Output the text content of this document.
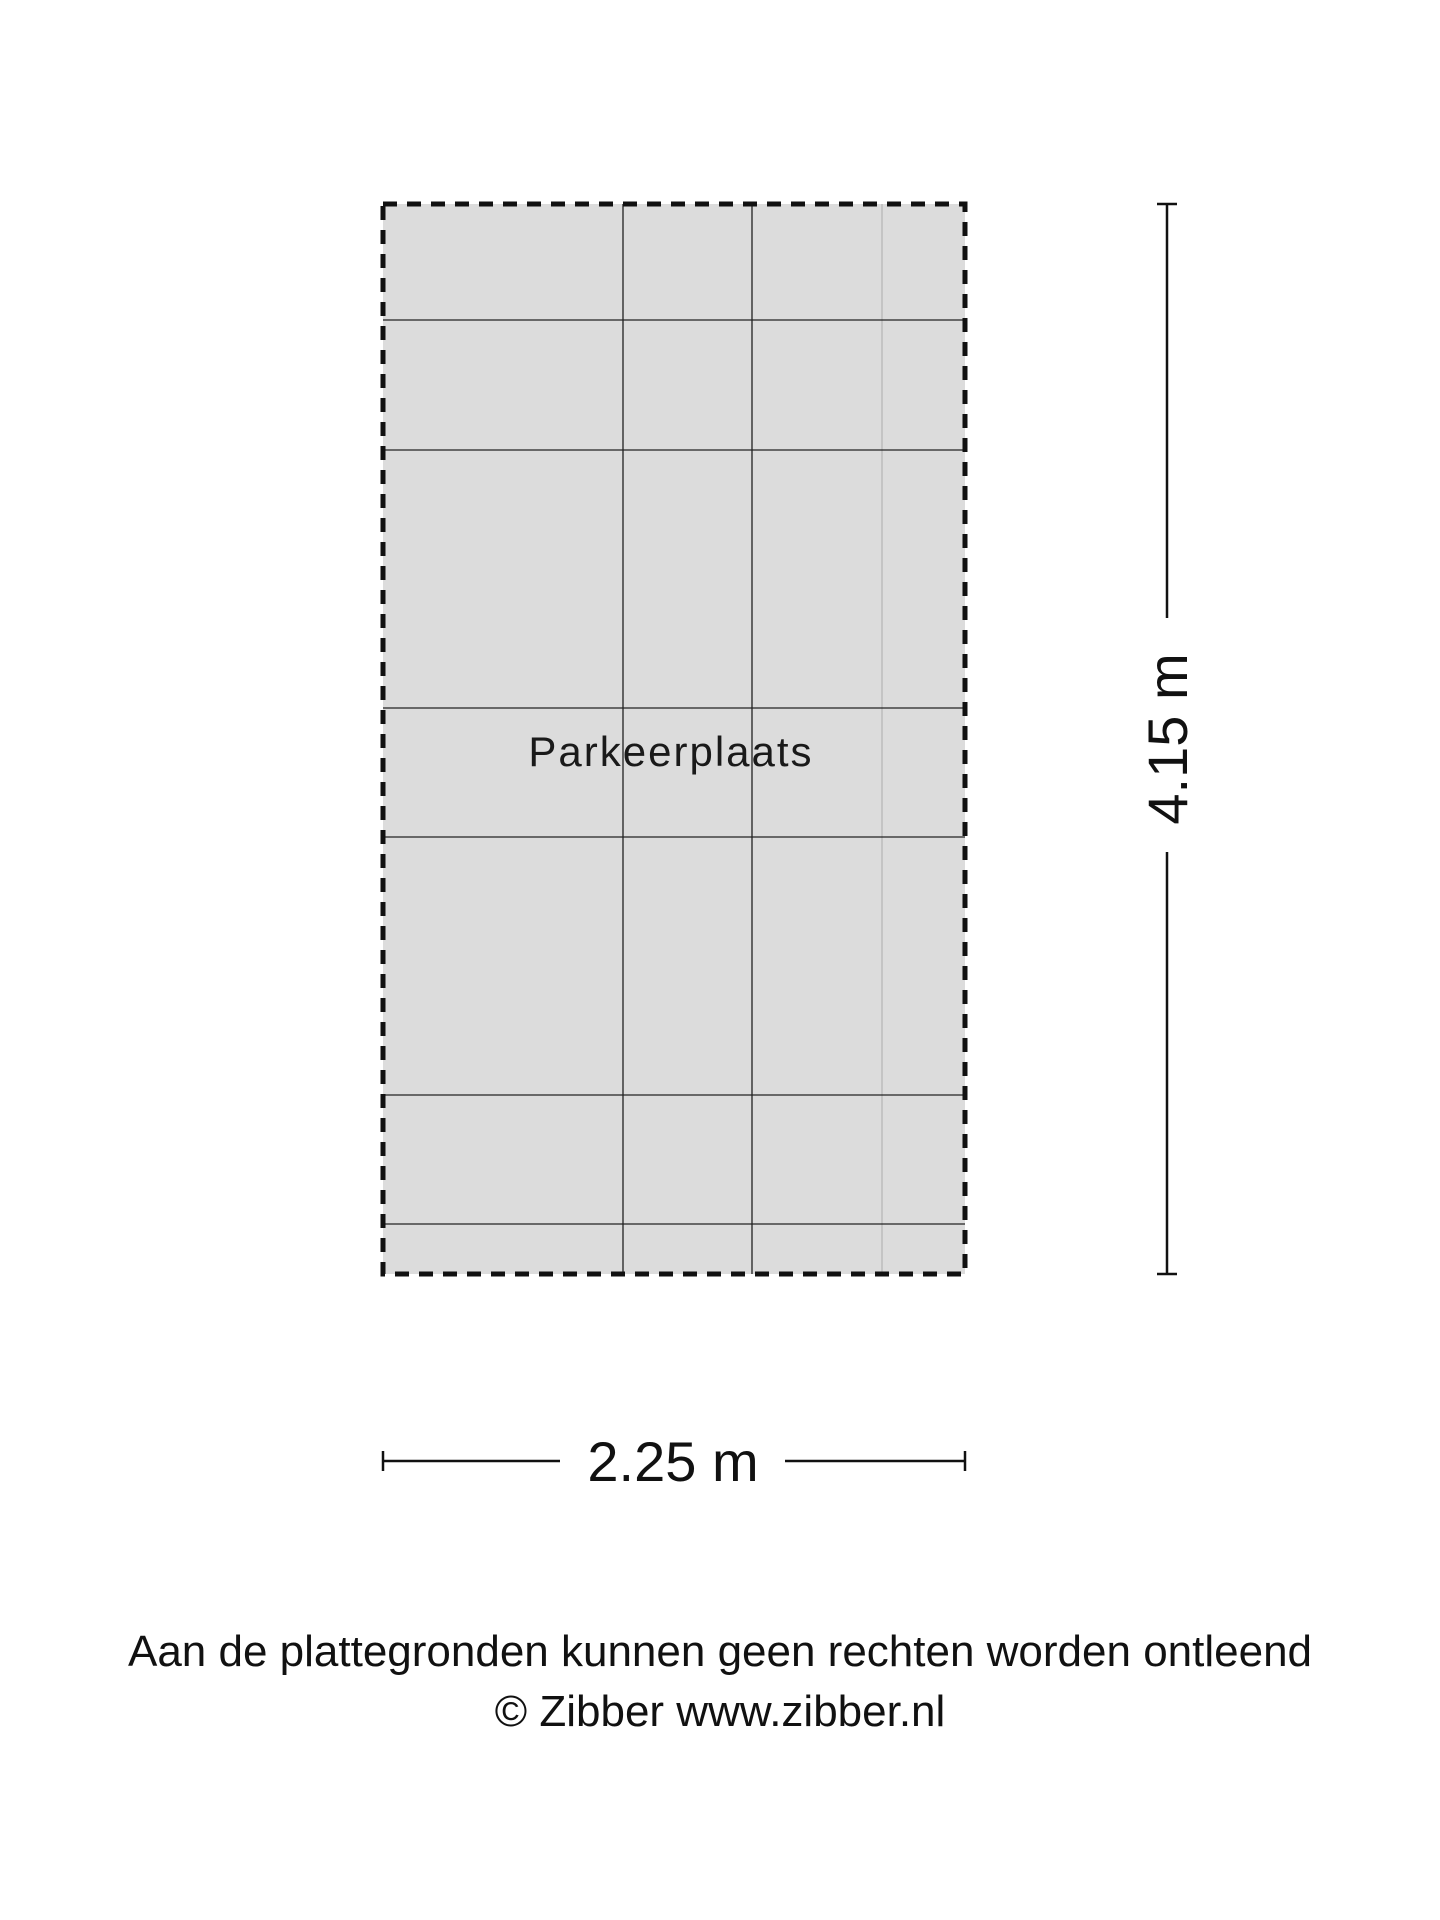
Parkeerplaats	4.15 m
2.25 m
Aan de plattegronden kunnen geen rechten worden ontleend
© Zibber www.zibber.nl
